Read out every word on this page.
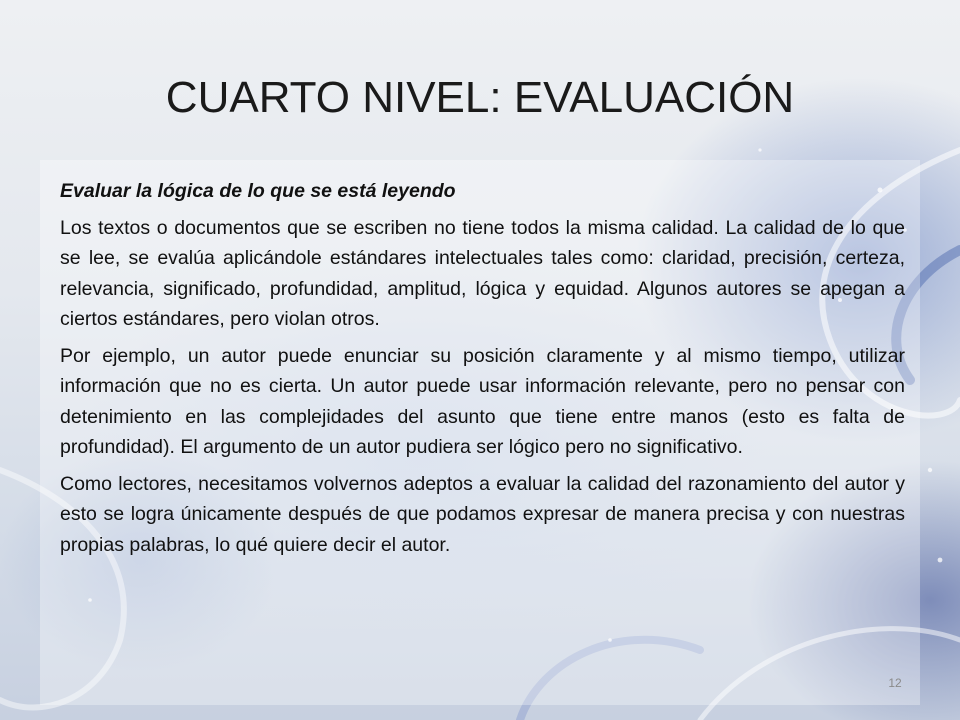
CUARTO NIVEL: EVALUACIÓN

Evaluar la lógica de lo que se está leyendo

Los textos o documentos que se escriben no tiene todos la misma calidad. La calidad de lo que se lee, se evalúa aplicándole estándares intelectuales tales como: claridad, precisión, certeza, relevancia, significado, profundidad, amplitud, lógica y equidad. Algunos autores se apegan a ciertos estándares, pero violan otros.

Por ejemplo, un autor puede enunciar su posición claramente y al mismo tiempo, utilizar información que no es cierta. Un autor puede usar información relevante, pero no pensar con detenimiento en las complejidades del asunto que tiene entre manos (esto es falta de profundidad). El argumento de un autor pudiera ser lógico pero no significativo.

Como lectores, necesitamos volvernos adeptos a evaluar la calidad del razonamiento del autor y esto se logra únicamente después de que podamos expresar de manera precisa y con nuestras propias palabras, lo qué quiere decir el autor.

12
